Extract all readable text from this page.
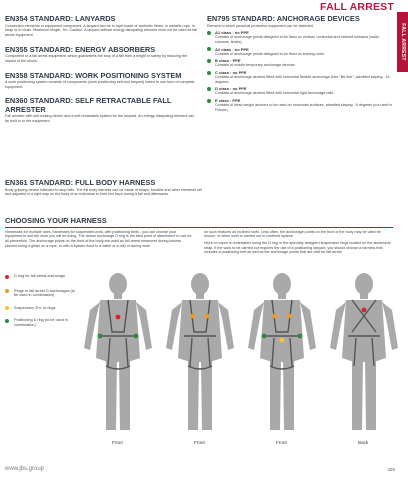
FALL ARREST
FALL ARREST
EN354 STANDARD: LANYARDS

Connection elements or equipment component. A lanyard can be in rope made of synthetic fibres, in metallic rope, in strap or in chain. Maximum length: 2m. Caution: A lanyard without energy dissipating element must not be used as fall arrest equipment.

EN355 STANDARD: ENERGY ABSORBERS

Component of a fall arrest equipment, which guarantees the stop of a fall from a height in safety by reducing the impact of the shock.

EN358 STANDARD: WORK POSITIONING SYSTEM

A work positioning system consists of components (work positioning belt and lanyard) linked to one form of complete equipment.

EN360 STANDARD: SELF RETRACTABLE FALL
ARRESTER

Fall arrester with self locking device and a self-retractable system for the lanyard. An energy dissipating element can be built-in to the equipment.

EN795 STANDARD: ANCHORAGE DEVICES

Element to which personal protective equipment can be fastened.

A1 class : no PPE

Consists of anchorage points designed to be fixed on vertical, horizontal and inclined surfaces (walls, columns, lintels).

A2 class : no PPE

Consists of anchorage points designed to be fixed on leaning roofs.

B class : PPE

Consists of mobile temporary anchorage devices.

C class : no PPE

Consists of anchorage devices fitted with horizontal flexible anchorage lines "life line", admitted slaping : 15 degrees.

D class : no PPE

Consists of anchorage devices fitted with horizontal rigid anchorage rails.

E class : PPE

Consists of dead weight anchors to be used on horizontal surfaces, admitted slaping : 5 degrees (not used in France).

EN361 STANDARD: FULL BODY HARNESS

Body gripping device intended to stop falls. The full body harness can be made of straps, buckles and other elements set and adjusted in a right way on the body of an individual to hold him back during a fall and afterwards.

CHOOSING YOUR HARNESS

Harnesses for multiple uses, harnesses for suspended work, with positioning belts - you can choose your equipment to suit the work you will be doing. The dorsal anchorage D ring is the best point of attachment to use for all prevention. The anchorage points on the front of the body are used as fall arrest measures during access (ascent using a glider on a rope, or with a system fixed to a cable or a rail) or during work

on such features as inclined roofs. Less often, the anchorage points on the front of the body may be used for rescue, or when work is carried out in confined spaces.

Work on ropes is undertaken using the D ring or the specially designed suspension rings located on the abdominal strap. If the work to be carried out requires the use of a positioning lanyard, you should choose a harness that includes a positioning belt as well as the anchorage points that are vital for fall arrest.

D ring for fall arrest anchorage
Rings or fall arrest D anchorages (to be used in combination)
Suspension 'D's' or rings
Positioning D ring (to be used in combination)
Front	Front	Front	Back
www.jbs.group	425
